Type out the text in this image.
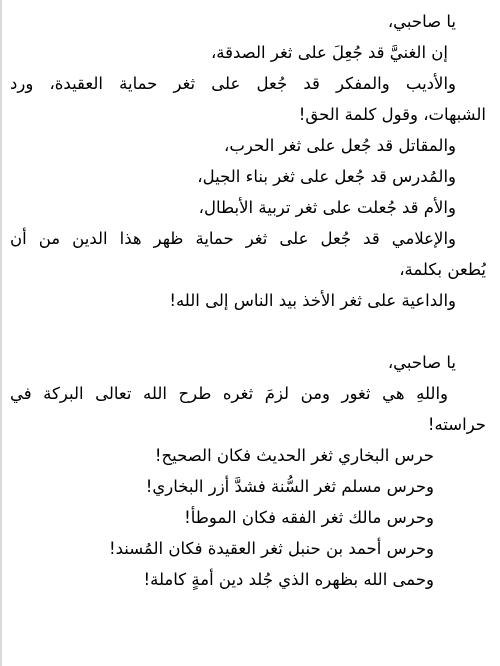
يا صاحبي،
إن الغنيَّ قد جُعِلَ على ثغر الصدقة،
والأديب والمفكر قد جُعل على ثغر حماية العقيدة، ورد
الشبهات، وقول كلمة الحق!
والمقاتل قد جُعل على ثغر الحرب،
والمُدرس قد جُعل على ثغر بناء الجيل،
والأم قد جُعلت على ثغر تربية الأبطال،
والإعلامي قد جُعل على ثغر حماية ظهر هذا الدين من أن
يُطعن بكلمة،
والداعية على ثغر الأخذ بيد الناس إلى الله!
يا صاحبي،
واللهِ هي ثغور ومن لزمَ ثغره طرح الله تعالى البركة في
حراسته!
حرس البخاري ثغر الحديث فكان الصحيح!
وحرس مسلم ثغر السُّنة فشدَّ أزر البخاري!
وحرس مالك ثغر الفقه فكان الموطأ!
وحرس أحمد بن حنبل ثغر العقيدة فكان المُسند!
وحمى الله بظهره الذي جُلد دين أمةٍ كاملة!
